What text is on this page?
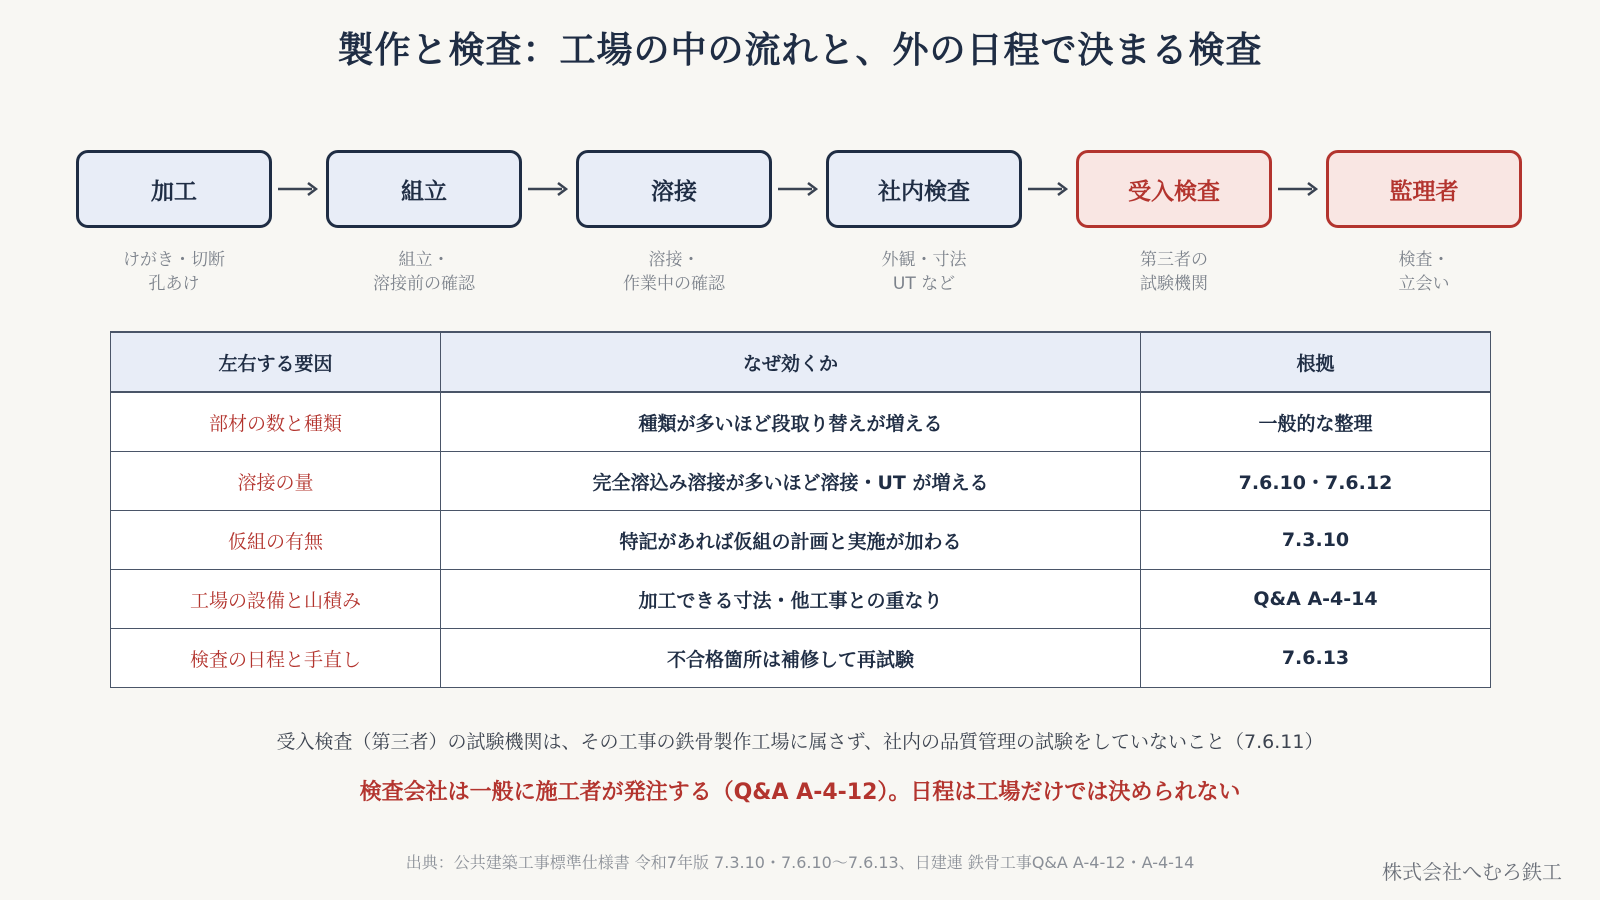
製作と検査：工場の中の流れと、外の日程で決まる検査
加工	組立	溶接	社内検査	受入検査	監理者
けがき・切断
孔あけ
組立・
溶接前の確認
溶接・
作業中の確認
外観・寸法
UT など
第三者の
試験機関
検査・
立会い
左右する要因	なぜ効くか	根拠
部材の数と種類	種類が多いほど段取り替えが増える	一般的な整理
溶接の量	完全溶込み溶接が多いほど溶接・UT が増える	7.6.10・7.6.12
仮組の有無	特記があれば仮組の計画と実施が加わる	7.3.10
工場の設備と山積み	加工できる寸法・他工事との重なり	Q&A A-4-14
検査の日程と手直し	不合格箇所は補修して再試験	7.6.13
受入検査（第三者）の試験機関は、その工事の鉄骨製作工場に属さず、社内の品質管理の試験をしていないこと（7.6.11）
検査会社は一般に施工者が発注する（Q&A A-4-12）。日程は工場だけでは決められない
出典：公共建築工事標準仕様書 令和7年版 7.3.10・7.6.10〜7.6.13、日建連 鉄骨工事Q&A A-4-12・A-4-14	株式会社へむろ鉄工
